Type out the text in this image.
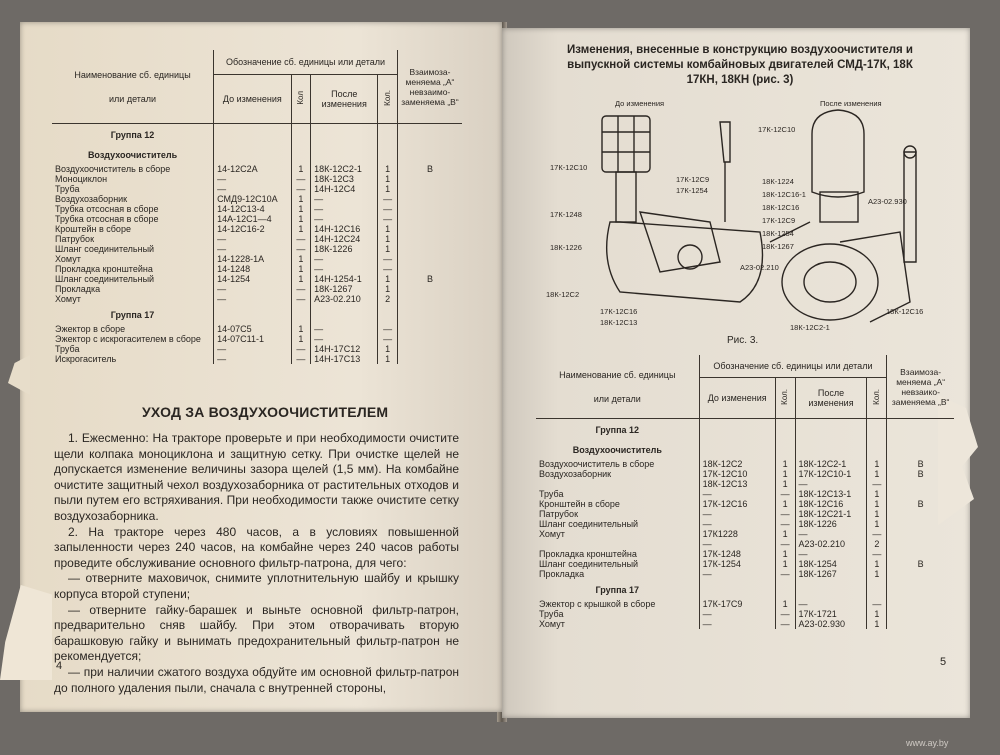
Наименование сб. единицы
или детали	Обозначение сб. единицы или детали				Взаимоза-меняема „А“ невзаимо-заменяема „В“
	До изменения	Кол	После изменения	Кол.	
Группа 12					
Воздухоочиститель					
Воздухоочиститель в сборе	14-12С2А	1	18К-12С2-1	1	В
Моноциклон	—	—	18К-12С3	1	
Труба	—	—	14Н-12С4	1	
Воздухозаборник	СМД9-12С10А	1	—	—	
Трубка отсосная в сборе	14-12С13-4	1	—	—	
Трубка отсосная в сборе	14А-12С1—4	1	—	—	
Кроштейн в сборе	14-12С16-2	1	14Н-12С16	1	
Патрубок	—	—	14Н-12С24	1	
Шланг соединительный	—	—	18К-1226	1	
Хомут	14-1228-1А	1	—	—	
Прокладка кронштейна	14-1248	1	—	—	
Шланг соединительный	14-1254	1	14Н-1254-1	1	В
Прокладка	—	—	18К-1267	1	
Хомут	—	—	А23-02.210	2	
Группа 17					
Эжектор в сборе	14-07С5	1	—	—	
Эжектор с искрогасителем в сборе	14-07С11-1	1	—	—	
Труба	—	—	14Н-17С12	1	
Искрогаситель	—	—	14Н-17С13	1	
УХОД ЗА ВОЗДУХООЧИСТИТЕЛЕМ

1. Ежесменно: На тракторе проверьте и при необходимости очистите щели колпака моноциклона и защитную сетку. При очистке щелей не допускается изменение величины зазора щелей (1,5 мм). На комбайне очистите защитный чехол воздухозаборника от растительных отходов и пыли путем его встряхивания. При необходимости также очистите сетку воздухозаборника.

2. На тракторе через 480 часов, а в условиях повышенной запыленности через 240 часов, на комбайне через 240 часов работы проведите обслуживание основного фильтр-патрона, для чего:

— отверните маховичок, снимите уплотнительную шайбу и крышку корпуса второй ступени;

— отверните гайку-барашек и выньте основной фильтр-патрон, предварительно сняв шайбу. При этом отворачивать вторую барашковую гайку и вынимать предохранительный фильтр-патрон не рекомендуется;

— при наличии сжатого воздуха обдуйте им основной фильтр-патрон до полного удаления пыли, сначала с внутренней стороны,

4
Изменения, внесенные в конструкцию воздухоочистителя и выпускной системы комбайновых двигателей СМД-17К, 18К 17КН, 18КН (рис. 3)
До изменения	После изменения
17К-12С10
17К-12С9
17К-1254
17К-1248
18К-1226
18К-12С2
17К-12С16
18К-12С13
17К-12С10
18К-1224
18К-12С16-1
18К-12С16
17К-12С9
18К-1254
18К-1267
А23-02.930
А23-02.210
18К-12С2-1
18К-12С16
Рис. 3.
Наименование сб. единицы
или детали	Обозначение сб. единицы или детали				Взаимоза-меняема „А“ невзаико-заменяема „В“
	До изменения	Кол.	После изменения	Кол.	
Группа 12					
Воздухоочиститель					
Воздухоочиститель в сборе	18К-12С2	1	18К-12С2-1	1	В
Воздухозаборник	17К-12С10	1	17К-12С10-1	1	В
	18К-12С13	1	—	—	
Труба	—	—	18К-12С13-1	1	
Кронштейн в сборе	17К-12С16	1	18К-12С16	1	В
Патрубок	—	—	18К-12С21-1	1	
Шланг соединительный	—	—	18К-1226	1	
Хомут	17К1228	1	—	—	
	—	—	А23-02.210	2	
Прокладка кронштейна	17К-1248	1	—	—	
Шланг соединительный	17К-1254	1	18К-1254	1	В
Прокладка	—	—	18К-1267	1	
Группа 17					
Эжектор с крышкой в сборе	17К-17С9	1	—	—	
Труба	—	—	17К-1721	1	
Хомут	—	—	А23-02.930	1	
5
www.ay.by
